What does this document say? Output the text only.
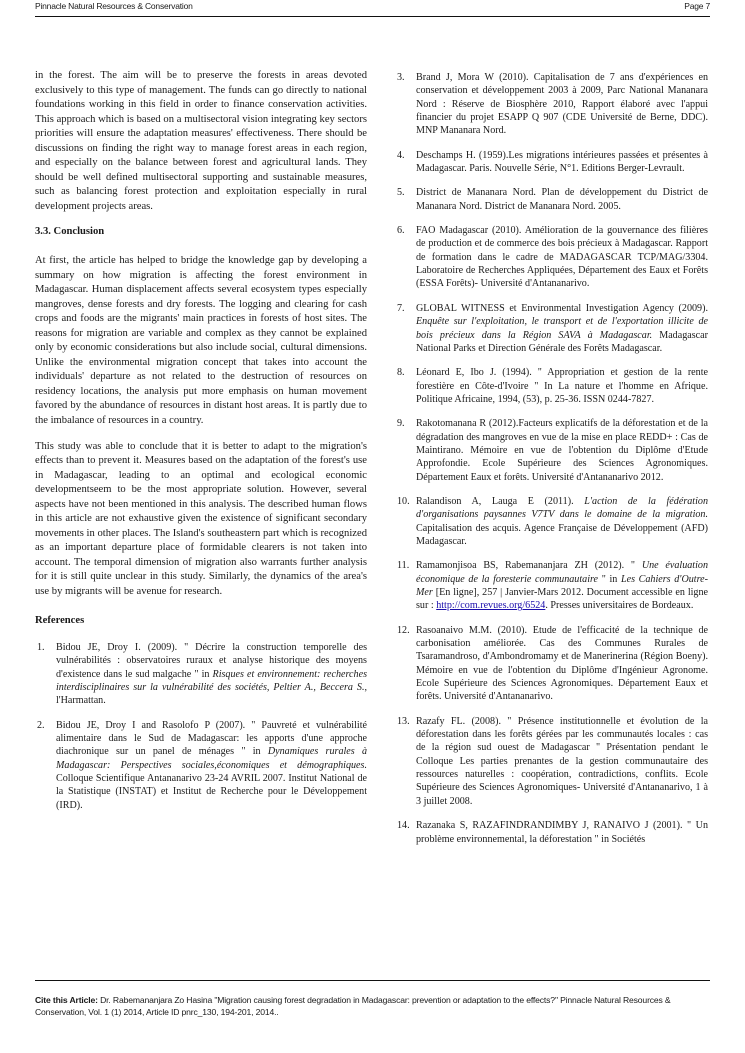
Pinnacle Natural Resources & Conservation	Page 7

in the forest. The aim will be to preserve the forests in areas devoted exclusively to this type of management. The funds can go directly to national foundations working in this field in order to finance conservation activities. This approach which is based on a multisectoral vision integrating key sectors priorities will ensure the adaptation measures' effectiveness. There should be discussions on finding the right way to manage forest areas in each region, and especially on the balance between forest and agricultural lands. They should be well defined multisectoral supporting and sustainable measures, such as balancing forest protection and exploitation especially in rural development projects areas.

3.3. Conclusion

At first, the article has helped to bridge the knowledge gap by developing a summary on how migration is affecting the forest environment in Madagascar. Human displacement affects several ecosystem types especially mangroves, dense forests and dry forests. The logging and clearing for cash crops and foods are the migrants' main practices in forests of host sites. The reasons for migration are variable and complex as they cannot be explained only by economic considerations but also include social, cultural dimensions. Unlike the environmental migration concept that takes into account the individuals' departure as not related to the destruction of resources on residency locations, the analysis put more emphasis on human movement favored by the abundance of resources in distant host areas. It is partly due to the imbalance of resources in a country.

This study was able to conclude that it is better to adapt to the migration's effects than to prevent it. Measures based on the adaptation of the forest's use in Madagascar, leading to an optimal and ecological economic developmentseem to be the most appropriate solution. However, several aspects have not been mentioned in this analysis. The described human flows in this article are not exhaustive given the existence of significant secondary movements in other places. The Island's southeastern part which is recognized as an important departure place of formidable clearers is not taken into account. The temporal dimension of migration also warrants further analysis for it is still quite unclear in this study. Similarly, the dynamics of the area's use by migrants will be avenue for research.

References
1. Bidou JE, Droy I. (2009). " Décrire la construction temporelle des vulnérabilités : observatoires ruraux et analyse historique des moyens d'existence dans le sud malgache " in Risques et environnement: recherches interdisciplinaires sur la vulnérabilité des sociétés, Peltier A., Beccera S., l'Harmattan.
2. Bidou JE, Droy I and Rasolofo P (2007). " Pauvreté et vulnérabilité alimentaire dans le Sud de Madagascar: les apports d'une approche diachronique sur un panel de ménages " in Dynamiques rurales à Madagascar: Perspectives sociales,économiques et démographiques. Colloque Scientifique Antananarivo 23-24 AVRIL 2007. Institut National de la Statistique (INSTAT) et Institut de Recherche pour le Développement (IRD).
3. Brand J, Mora W (2010). Capitalisation de 7 ans d'expériences en conservation et développement 2003 à 2009, Parc National Mananara Nord : Réserve de Biosphère 2010, Rapport élaboré avec l'appui financier du projet ESAPP Q 907 (CDE Université de Berne, DDC). MNP Mananara Nord.
4. Deschamps H. (1959).Les migrations intérieures passées et présentes à Madagascar. Paris. Nouvelle Série, N°1. Editions Berger-Levrault.
5. District de Mananara Nord. Plan de développement du District de Mananara Nord. District de Mananara Nord. 2005.
6. FAO Madagascar (2010). Amélioration de la gouvernance des filières de production et de commerce des bois précieux à Madagascar. Rapport de formation dans le cadre de MADAGASCAR TCP/MAG/3304. Laboratoire de Recherches Appliquées, Département des Eaux et Forêts (ESSA Forêts)- Université d'Antananarivo.
7. GLOBAL WITNESS et Environmental Investigation Agency (2009). Enquête sur l'exploitation, le transport et de l'exportation illicite de bois précieux dans la Région SAVA à Madagascar. Madagascar National Parks et Direction Générale des Forêts Madagascar.
8. Léonard E, Ibo J. (1994). " Appropriation et gestion de la rente forestière en Côte-d'Ivoire " In La nature et l'homme en Afrique. Politique Africaine, 1994, (53), p. 25-36. ISSN 0244-7827.
9. Rakotomanana R (2012).Facteurs explicatifs de la déforestation et de la dégradation des mangroves en vue de la mise en place REDD+ : Cas de Maintirano. Mémoire en vue de l'obtention du Diplôme d'Etude Approfondie. Ecole Supérieure des Sciences Agronomiques. Département Eaux et forêts. Université d'Antananarivo 2012.
10. Ralandison A, Lauga E (2011). L'action de la fédération d'organisations paysannes V7TV dans le domaine de la migration. Capitalisation des acquis. Agence Française de Développement (AFD) Madagascar.
11. Ramamonjisoa BS, Rabemananjara ZH (2012). " Une évaluation économique de la foresterie communautaire " in Les Cahiers d'Outre-Mer [En ligne], 257 | Janvier-Mars 2012. Document accessible en ligne sur : http://com.revues.org/6524. Presses universitaires de Bordeaux.
12. Rasoanaivo M.M. (2010). Etude de l'efficacité de la technique de carbonisation améliorée. Cas des Communes Rurales de Tsaramandroso, d'Ambondromamy et de Manerinerina (Région Boeny). Mémoire en vue de l'obtention du Diplôme d'Ingénieur Agronome. Ecole Supérieure des Sciences Agronomiques. Département Eaux et forêts. Université d'Antananarivo.
13. Razafy FL. (2008). " Présence institutionnelle et évolution de la déforestation dans les forêts gérées par les communautés locales : cas de la région sud ouest de Madagascar " Présentation pendant le Colloque Les parties prenantes de la gestion communautaire des ressources naturelles : coopération, contradictions, conflits. Ecole Supérieure des Sciences Agronomiques- Université d'Antananarivo, 1 à 3 juillet 2008.
14. Razanaka S, RAZAFINDRANDIMBY J, RANAIVO J (2001). " Un problème environnemental, la déforestation " in Sociétés
Cite this Article: Dr. Rabemananjara Zo Hasina "Migration causing forest degradation in Madagascar: prevention or adaptation to the effects?" Pinnacle Natural Resources & Conservation, Vol. 1 (1) 2014, Article ID pnrc_130, 194-201, 2014..
